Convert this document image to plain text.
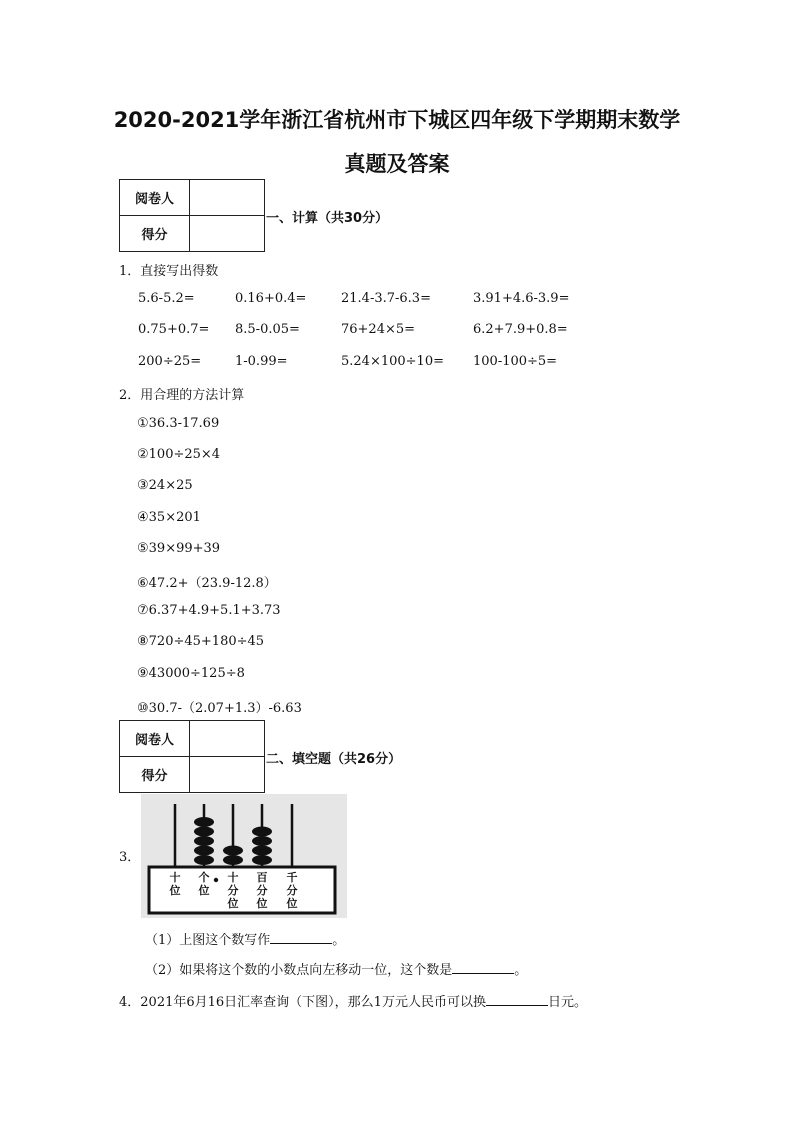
2020-2021学年浙江省杭州市下城区四年级下学期期末数学
真题及答案
阅卷人	
得分	
一、计算（共30分）
1．直接写出得数
5.6-5.2=	0.16+0.4=	21.4-3.7-6.3=	3.91+4.6-3.9=
0.75+0.7= 8.5-0.05=	76+24×5=	6.2+7.9+0.8=
200÷25=	1-0.99=	5.24×100÷10= 100-100÷5=
2．用合理的方法计算
①36.3-17.69
②100÷25×4
③24×25
④35×201
⑤39×99+39
⑥47.2+（23.9-12.8）
⑦6.37+4.9+5.1+3.73
⑧720÷45+180÷45
⑨43000÷125÷8
⑩30.7-（2.07+1.3）-6.63
阅卷人	
得分	
二、填空题（共26分）
3．
十
位
个
位
十
分
位
百
分
位
千
分
位
（1）上图这个数写作	。
（2）如果将这个数的小数点向左移动一位，这个数是	。
4．2021年6月16日汇率查询（下图），那么1万元人民币可以换	日元。
